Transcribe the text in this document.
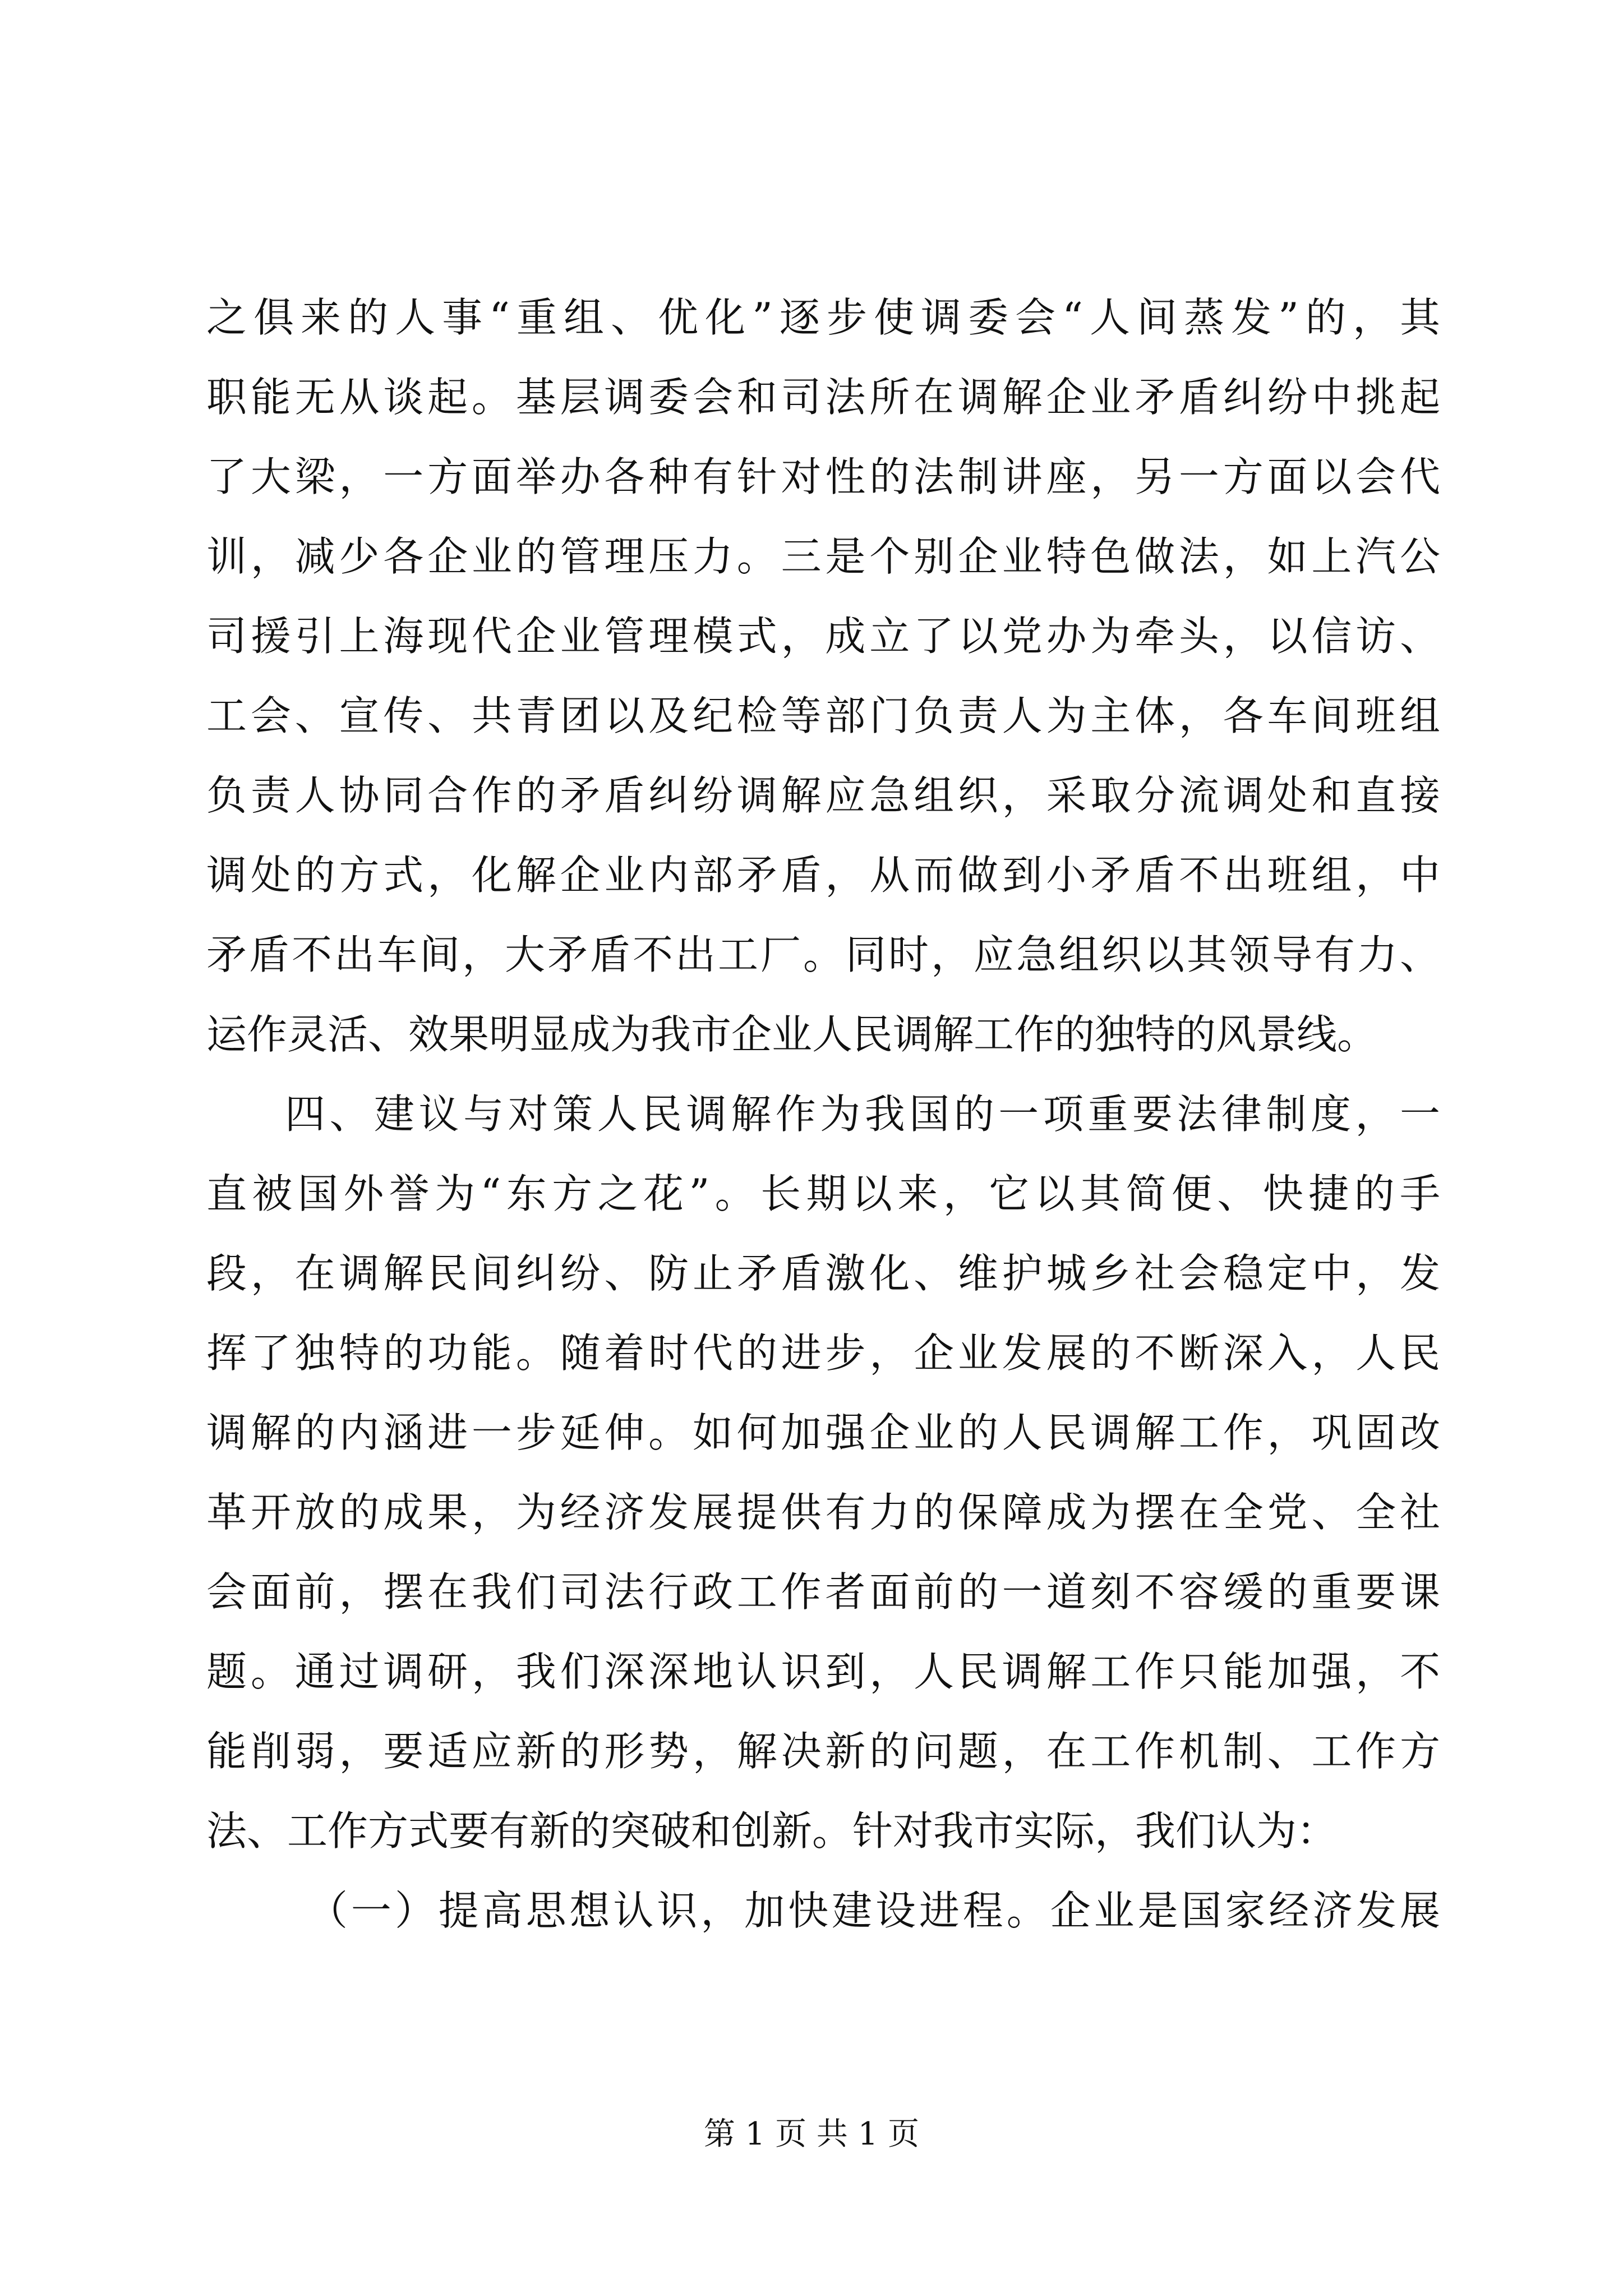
之俱来的人事“重组、优化”逐步使调委会“人间蒸发”的，其
职能无从谈起。基层调委会和司法所在调解企业矛盾纠纷中挑起
了大梁，一方面举办各种有针对性的法制讲座，另一方面以会代
训，减少各企业的管理压力。三是个别企业特色做法，如上汽公
司援引上海现代企业管理模式，成立了以党办为牵头，以信访、
工会、宣传、共青团以及纪检等部门负责人为主体，各车间班组
负责人协同合作的矛盾纠纷调解应急组织，采取分流调处和直接
调处的方式，化解企业内部矛盾，从而做到小矛盾不出班组，中
矛盾不出车间，大矛盾不出工厂。同时，应急组织以其领导有力、
运作灵活、效果明显成为我市企业人民调解工作的独特的风景线。
四、建议与对策人民调解作为我国的一项重要法律制度，一
直被国外誉为“东方之花”。长期以来，它以其简便、快捷的手
段，在调解民间纠纷、防止矛盾激化、维护城乡社会稳定中，发
挥了独特的功能。随着时代的进步，企业发展的不断深入，人民
调解的内涵进一步延伸。如何加强企业的人民调解工作，巩固改
革开放的成果，为经济发展提供有力的保障成为摆在全党、全社
会面前，摆在我们司法行政工作者面前的一道刻不容缓的重要课
题。通过调研，我们深深地认识到，人民调解工作只能加强，不
能削弱，要适应新的形势，解决新的问题，在工作机制、工作方
法、工作方式要有新的突破和创新。针对我市实际，我们认为：
（一）提高思想认识，加快建设进程。企业是国家经济发展
第 1 页 共 1 页
